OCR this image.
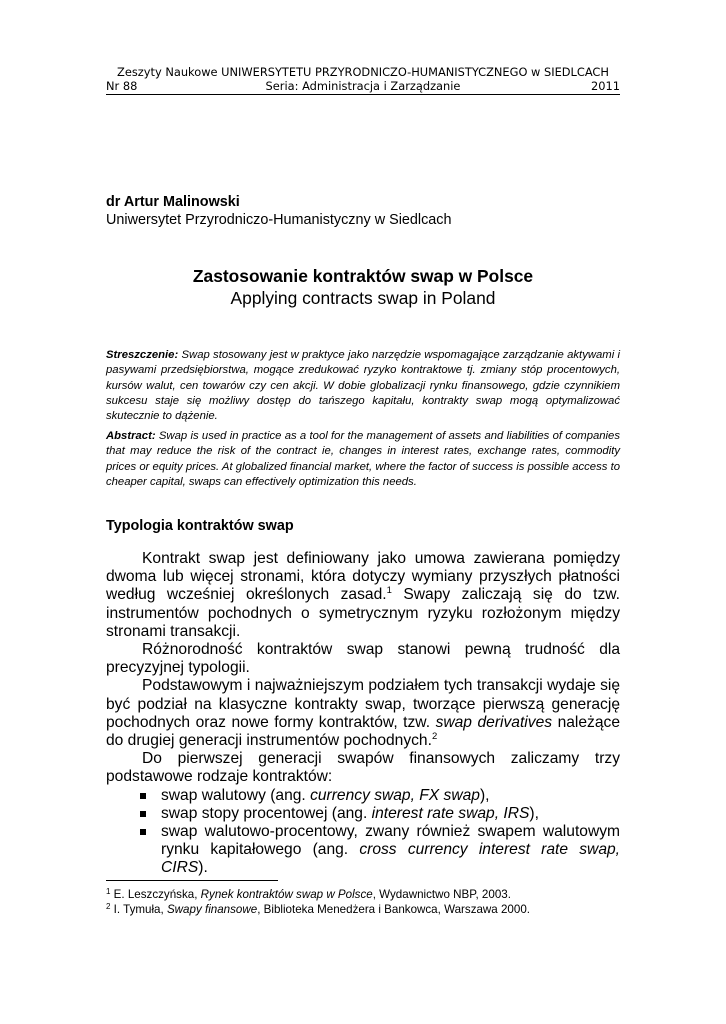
Zeszyty Naukowe UNIWERSYTETU PRZYRODNICZO-HUMANISTYCZNEGO w SIEDLCACH
Nr 88	Seria: Administracja i Zarządzanie	2011
dr Artur Malinowski
Uniwersytet Przyrodniczo-Humanistyczny w Siedlcach
Zastosowanie kontraktów swap w Polsce
Applying contracts swap in Poland
Streszczenie: Swap stosowany jest w praktyce jako narzędzie wspomagające zarządzanie aktywami i pasywami przedsiębiorstwa, mogące zredukować ryzyko kontraktowe tj. zmiany stóp procentowych, kursów walut, cen towarów czy cen akcji. W dobie globalizacji rynku finansowego, gdzie czynnikiem sukcesu staje się możliwy dostęp do tańszego kapitału, kontrakty swap mogą optymalizować skutecznie to dążenie.
Abstract: Swap is used in practice as a tool for the management of assets and liabilities of companies that may reduce the risk of the contract ie, changes in interest rates, exchange rates, commodity prices or equity prices. At globalized financial market, where the factor of success is possible access to cheaper capital, swaps can effectively optimization this needs.
Typologia kontraktów swap

Kontrakt swap jest definiowany jako umowa zawierana pomiędzy dwoma lub więcej stronami, która dotyczy wymiany przyszłych płatności według wcześniej określonych zasad.$^1$ Swapy zaliczają się do tzw. instrumentów pochodnych o symetrycznym ryzyku rozłożonym między stronami transakcji.

Różnorodność kontraktów swap stanowi pewną trudność dla precyzyjnej typologii.

Podstawowym i najważniejszym podziałem tych transakcji wydaje się być podział na klasyczne kontrakty swap, tworzące pierwszą generację pochodnych oraz nowe formy kontraktów, tzw. swap derivatives należące do drugiej generacji instrumentów pochodnych.$^2$

Do pierwszej generacji swapów finansowych zaliczamy trzy podstawowe rodzaje kontraktów:

swap walutowy (ang. currency swap, FX swap),
swap stopy procentowej (ang. interest rate swap, IRS),
swap walutowo-procentowy, zwany również swapem walutowym rynku kapitałowego (ang. cross currency interest rate swap, CIRS).
$^1$ E. Leszczyńska, Rynek kontraktów swap w Polsce, Wydawnictwo NBP, 2003.
$^2$ I. Tymuła, Swapy finansowe, Biblioteka Menedżera i Bankowca, Warszawa 2000.
